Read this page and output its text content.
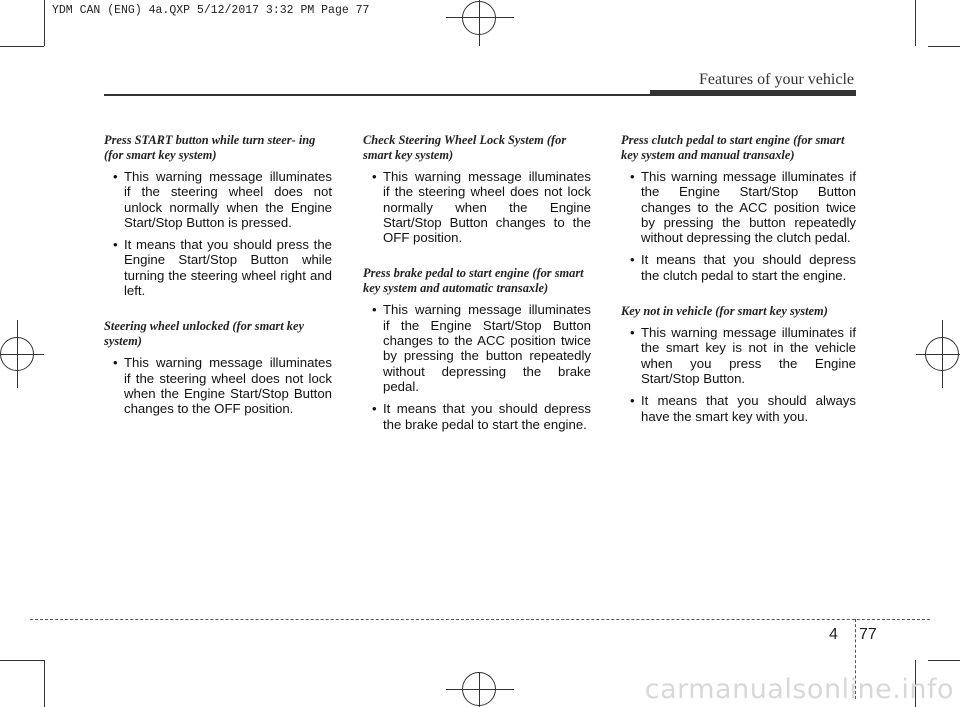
YDM CAN (ENG) 4a.QXP 5/12/2017 3:32 PM Page 77
Features of your vehicle
Press START button while turn steer- ing (for smart key system)
• This warning message illuminates if the steering wheel does not unlock normally when the Engine Start/Stop Button is pressed.
• It means that you should press the Engine Start/Stop Button while turning the steering wheel right and left.
Steering wheel unlocked (for smart key system)
• This warning message illuminates if the steering wheel does not lock when the Engine Start/Stop Button changes to the OFF position.
Check Steering Wheel Lock System (for smart key system)
• This warning message illuminates if the steering wheel does not lock normally when the Engine Start/Stop Button changes to the OFF position.
Press brake pedal to start engine (for smart key system and automatic transaxle)
• This warning message illuminates if the Engine Start/Stop Button changes to the ACC position twice by pressing the button repeatedly without depressing the brake pedal.
• It means that you should depress the brake pedal to start the engine.
Press clutch pedal to start engine (for smart key system and manual transaxle)
• This warning message illuminates if the Engine Start/Stop Button changes to the ACC position twice by pressing the button repeatedly without depressing the clutch pedal.
• It means that you should depress the clutch pedal to start the engine.
Key not in vehicle (for smart key system)
• This warning message illuminates if the smart key is not in the vehicle when you press the Engine Start/Stop Button.
• It means that you should always have the smart key with you.
4 77
carmanualsonline.info
